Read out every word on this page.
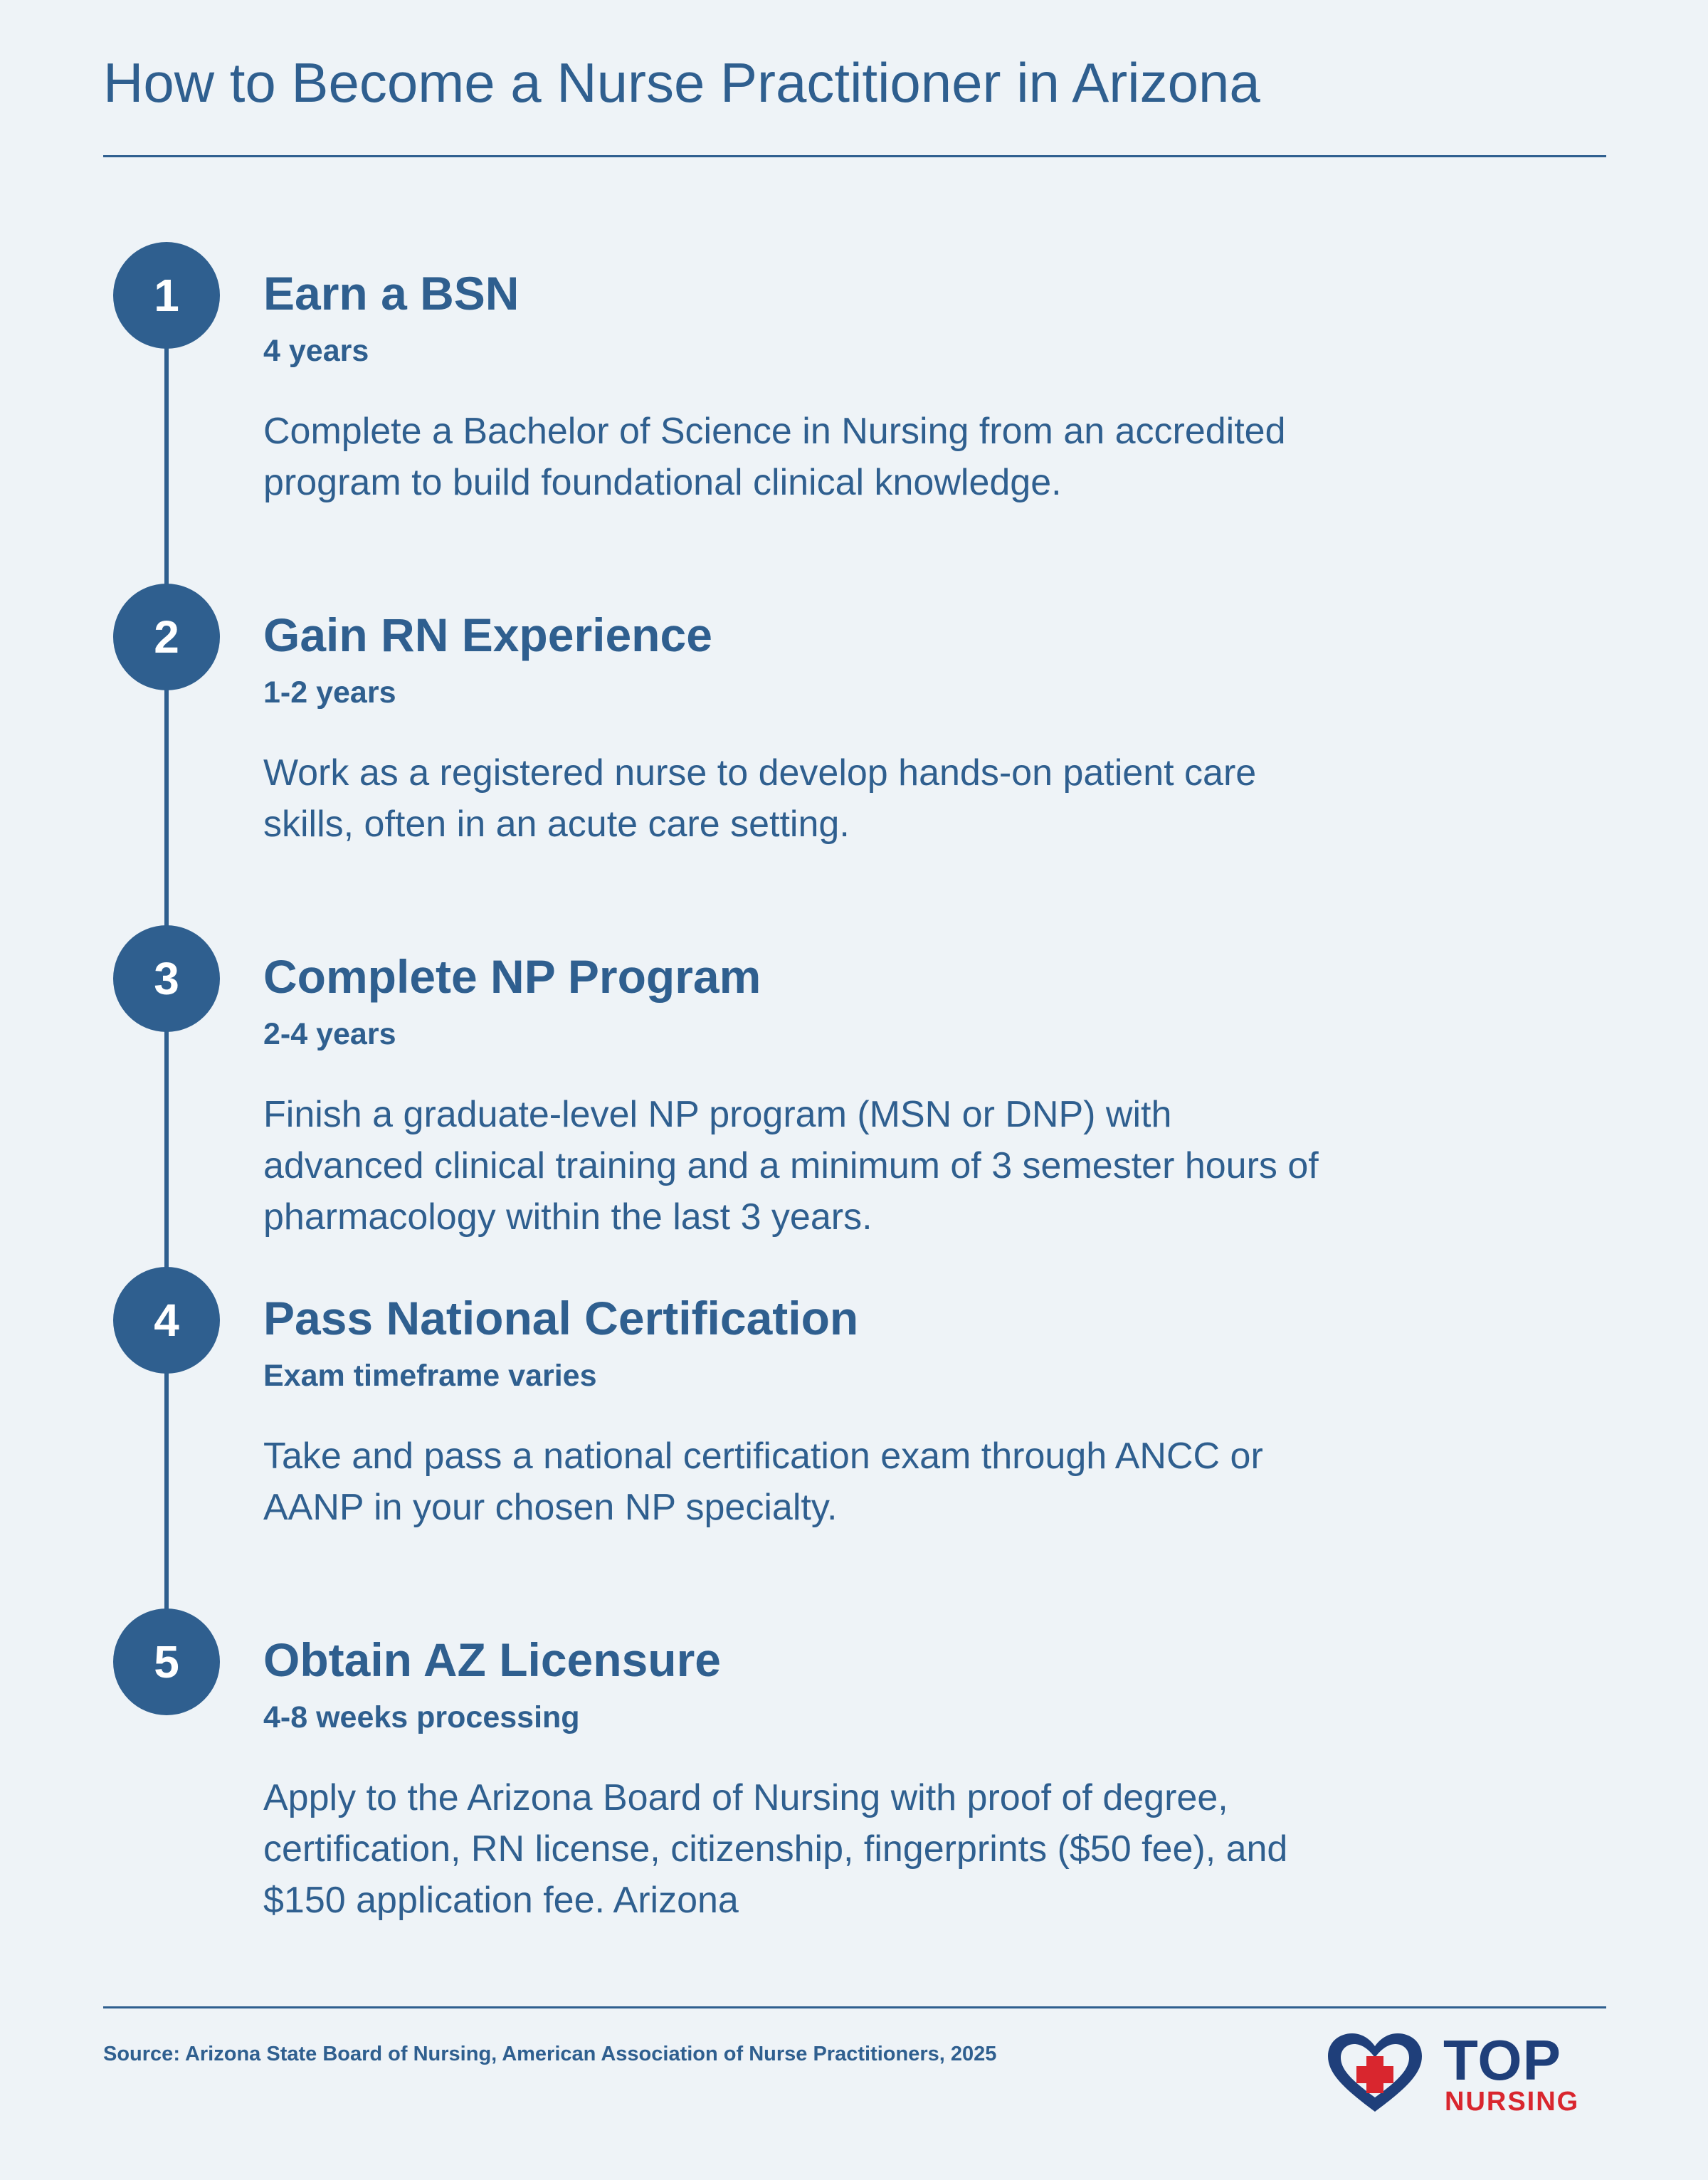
How to Become a Nurse Practitioner in Arizona
1	Earn a BSN
4 years
Complete a Bachelor of Science in Nursing from an accredited program to build foundational clinical knowledge.
2	Gain RN Experience
1-2 years
Work as a registered nurse to develop hands-on patient care skills, often in an acute care setting.
3	Complete NP Program
2-4 years
Finish a graduate-level NP program (MSN or DNP) with advanced clinical training and a minimum of 3 semester hours of pharmacology within the last 3 years.
4	Pass National Certification
Exam timeframe varies
Take and pass a national certification exam through ANCC or AANP in your chosen NP specialty.
5	Obtain AZ Licensure
4-8 weeks processing
Apply to the Arizona Board of Nursing with proof of degree, certification, RN license, citizenship, fingerprints ($50 fee), and $150 application fee. Arizona
Source: Arizona State Board of Nursing, American Association of Nurse Practitioners, 2025	TOP
NURSING
